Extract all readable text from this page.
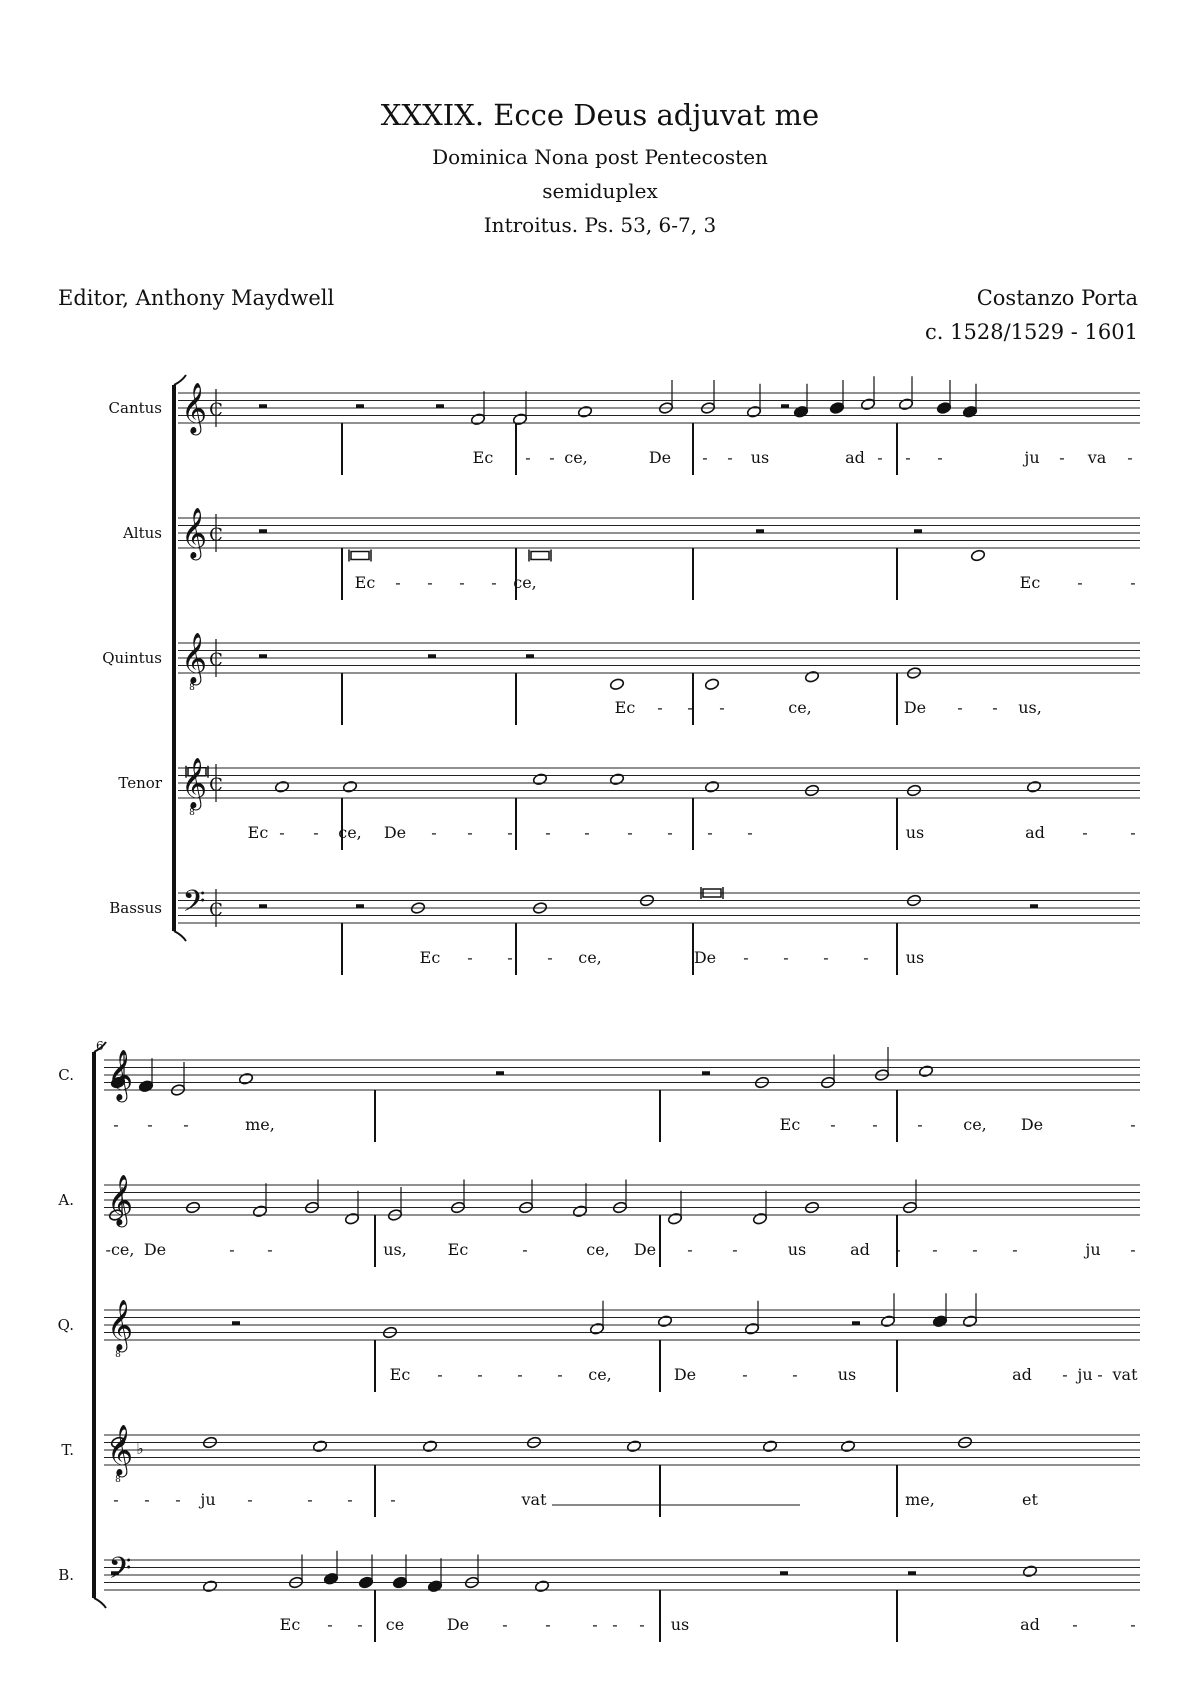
XXXIX. Ecce Deus adjuvat me
Dominica Nona post Pentecosten
semiduplex
Introitus. Ps. 53, 6-7, 3
Editor, Anthony Maydwell	Costanzo Porta
c. 1528/1529 - 1601
Cantus 𝄞 C
Ec - - ce,	De - - us	ad - - -	ju - va -
Altus 𝄞 C
Ec - - - - ce,	Ec -	-
Quintus 𝄞
8
C
Ec - - -	ce,	De - - us,
Tenor 𝄞
8
C
Ec - - ce, De - - - - - - - - -	us	ad -	-
Bassus 𝄢 C
Ec - - - ce,	De - - - - us
6
C. 𝄞
- - -	me,	Ec - - -	ce, De	-
A. 𝄞
-ce, De	- -	us,	Ec	-	ce, De - -	us	ad - - - -	ju -
Q. 𝄞
8
Ec - - - - ce,	De	-	-	us	ad - ju - vat
T. 𝄞
8
♭
- - - ju -	- - -	vat	me,	et
B. 𝄢
Ec - - ce	De - -	- - - us	ad -	-
